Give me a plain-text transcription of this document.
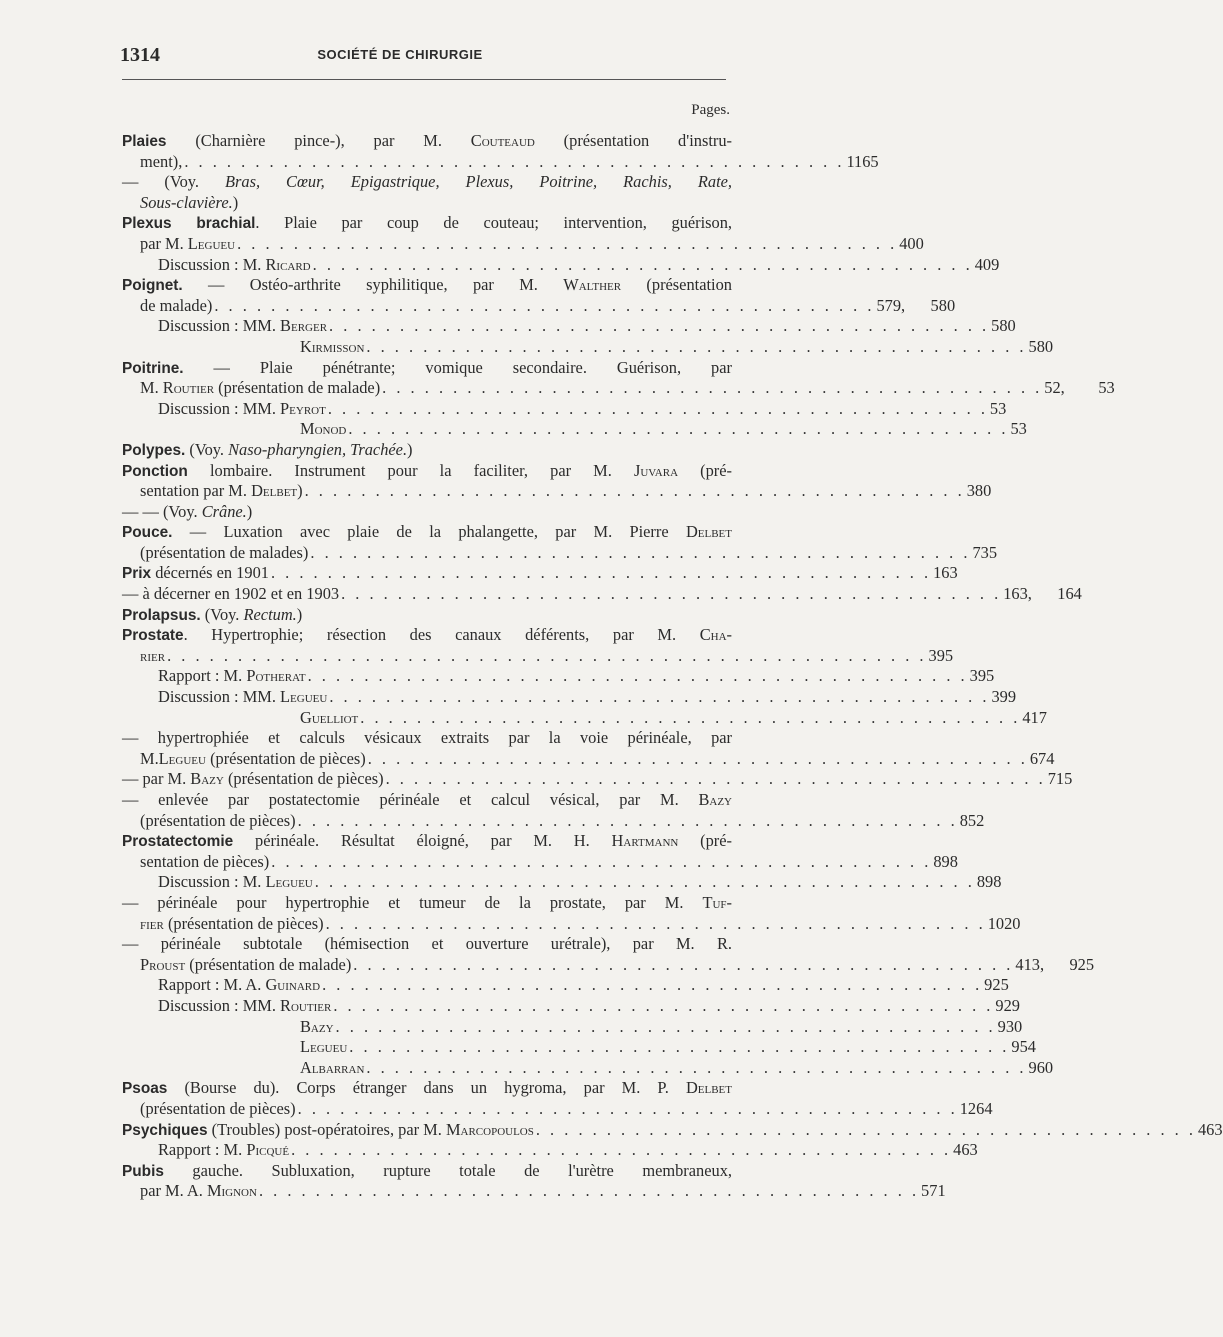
1314	SOCIÉTÉ DE CHIRURGIE
Pages.
Plaies (Charnière pince-), par M. Couteaud (présentation d'instru-
ment), . . . . . . . . . . . . . . . . . . . . . . . . . . . . . . . . . . . . . . . . . . . . . . . 1165
— (Voy. Bras, Cœur, Epigastrique, Plexus, Poitrine, Rachis, Rate,
Sous-clavière.)
Plexus brachial. Plaie par coup de couteau; intervention, guérison,
par M. Legueu . . . . . . . . . . . . . . . . . . . . . . . . . . . . . . . . . . . . . . . . . . . . . . . 400
Discussion : M. Ricard . . . . . . . . . . . . . . . . . . . . . . . . . . . . . . . . . . . . . . . . . . . . . . . 409
Poignet. — Ostéo-arthrite syphilitique, par M. Walther (présentation
de malade) . . . . . . . . . . . . . . . . . . . . . . . . . . . . . . . . . . . . . . . . . . . . . . . 579, 580
Discussion : MM. Berger . . . . . . . . . . . . . . . . . . . . . . . . . . . . . . . . . . . . . . . . . . . . . . . 580
Kirmisson . . . . . . . . . . . . . . . . . . . . . . . . . . . . . . . . . . . . . . . . . . . . . . . 580
Poitrine. — Plaie pénétrante; vomique secondaire. Guérison, par
M. Routier (présentation de malade) . . . . . . . . . . . . . . . . . . . . . . . . . . . . . . . . . . . . . . . . . . . . . . . 52, 53
Discussion : MM. Peyrot . . . . . . . . . . . . . . . . . . . . . . . . . . . . . . . . . . . . . . . . . . . . . . . 53
Monod . . . . . . . . . . . . . . . . . . . . . . . . . . . . . . . . . . . . . . . . . . . . . . . 53
Polypes. (Voy. Naso-pharyngien, Trachée.)
Ponction lombaire. Instrument pour la faciliter, par M. Juvara (pré-
sentation par M. Delbet) . . . . . . . . . . . . . . . . . . . . . . . . . . . . . . . . . . . . . . . . . . . . . . . 380
— — (Voy. Crâne.)
Pouce. — Luxation avec plaie de la phalangette, par M. Pierre Delbet
(présentation de malades) . . . . . . . . . . . . . . . . . . . . . . . . . . . . . . . . . . . . . . . . . . . . . . . 735
Prix décernés en 1901 . . . . . . . . . . . . . . . . . . . . . . . . . . . . . . . . . . . . . . . . . . . . . . . 163
— à décerner en 1902 et en 1903 . . . . . . . . . . . . . . . . . . . . . . . . . . . . . . . . . . . . . . . . . . . . . . . 163, 164
Prolapsus. (Voy. Rectum.)
Prostate. Hypertrophie; résection des canaux déférents, par M. Cha-
rier . . . . . . . . . . . . . . . . . . . . . . . . . . . . . . . . . . . . . . . . . . . . . . . . . . . . . . 395
Rapport : M. Potherat . . . . . . . . . . . . . . . . . . . . . . . . . . . . . . . . . . . . . . . . . . . . . . . 395
Discussion : MM. Legueu . . . . . . . . . . . . . . . . . . . . . . . . . . . . . . . . . . . . . . . . . . . . . . . 399
Guelliot . . . . . . . . . . . . . . . . . . . . . . . . . . . . . . . . . . . . . . . . . . . . . . . 417
— hypertrophiée et calculs vésicaux extraits par la voie périnéale, par
M.Legueu (présentation de pièces) . . . . . . . . . . . . . . . . . . . . . . . . . . . . . . . . . . . . . . . . . . . . . . . 674
— par M. Bazy (présentation de pièces) . . . . . . . . . . . . . . . . . . . . . . . . . . . . . . . . . . . . . . . . . . . . . . . 715
— enlevée par postatectomie périnéale et calcul vésical, par M. Bazy
(présentation de pièces) . . . . . . . . . . . . . . . . . . . . . . . . . . . . . . . . . . . . . . . . . . . . . . . 852
Prostatectomie périnéale. Résultat éloigné, par M. H. Hartmann (pré-
sentation de pièces) . . . . . . . . . . . . . . . . . . . . . . . . . . . . . . . . . . . . . . . . . . . . . . . 898
Discussion : M. Legueu . . . . . . . . . . . . . . . . . . . . . . . . . . . . . . . . . . . . . . . . . . . . . . . 898
— périnéale pour hypertrophie et tumeur de la prostate, par M. Tuf-
fier (présentation de pièces) . . . . . . . . . . . . . . . . . . . . . . . . . . . . . . . . . . . . . . . . . . . . . . . 1020
— périnéale subtotale (hémisection et ouverture urétrale), par M. R.
Proust (présentation de malade) . . . . . . . . . . . . . . . . . . . . . . . . . . . . . . . . . . . . . . . . . . . . . . . 413, 925
Rapport : M. A. Guinard . . . . . . . . . . . . . . . . . . . . . . . . . . . . . . . . . . . . . . . . . . . . . . . 925
Discussion : MM. Routier . . . . . . . . . . . . . . . . . . . . . . . . . . . . . . . . . . . . . . . . . . . . . . . 929
Bazy . . . . . . . . . . . . . . . . . . . . . . . . . . . . . . . . . . . . . . . . . . . . . . . 930
Legueu . . . . . . . . . . . . . . . . . . . . . . . . . . . . . . . . . . . . . . . . . . . . . . . 954
Albarran . . . . . . . . . . . . . . . . . . . . . . . . . . . . . . . . . . . . . . . . . . . . . . . 960
Psoas (Bourse du). Corps étranger dans un hygroma, par M. P. Delbet
(présentation de pièces) . . . . . . . . . . . . . . . . . . . . . . . . . . . . . . . . . . . . . . . . . . . . . . . 1264
Psychiques (Troubles) post-opératoires, par M. Marcopoulos . . . . . . . . . . . . . . . . . . . . . . . . . . . . . . . . . . . . . . . . . . . . . . . 463
Rapport : M. Picqué . . . . . . . . . . . . . . . . . . . . . . . . . . . . . . . . . . . . . . . . . . . . . . . 463
Pubis gauche. Subluxation, rupture totale de l'urètre membraneux,
par M. A. Mignon . . . . . . . . . . . . . . . . . . . . . . . . . . . . . . . . . . . . . . . . . . . . . . . 571
